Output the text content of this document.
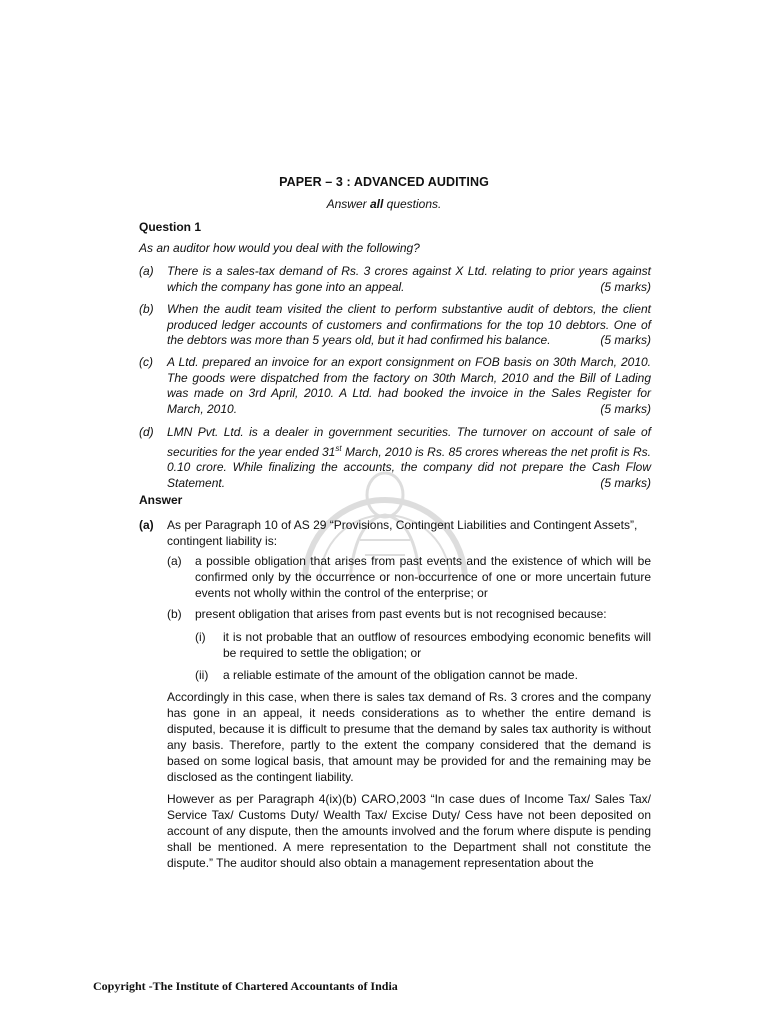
PAPER – 3 : ADVANCED AUDITING
Answer all questions.
Question 1
As an auditor how would you deal with the following?
(a) There is a sales-tax demand of Rs. 3 crores against X Ltd. relating to prior years against which the company has gone into an appeal.	(5 marks)
(b) When the audit team visited the client to perform substantive audit of debtors, the client produced ledger accounts of customers and confirmations for the top 10 debtors. One of the debtors was more than 5 years old, but it had confirmed his balance.	(5 marks)
(c) A Ltd. prepared an invoice for an export consignment on FOB basis on 30th March, 2010. The goods were dispatched from the factory on 30th March, 2010 and the Bill of Lading was made on 3rd April, 2010. A Ltd. had booked the invoice in the Sales Register for March, 2010.	(5 marks)
(d) LMN Pvt. Ltd. is a dealer in government securities. The turnover on account of sale of securities for the year ended 31st March, 2010 is Rs. 85 crores whereas the net profit is Rs. 0.10 crore. While finalizing the accounts, the company did not prepare the Cash Flow Statement.	(5 marks)
Answer
(a) As per Paragraph 10 of AS 29 “Provisions, Contingent Liabilities and Contingent Assets”, contingent liability is:
(a) a possible obligation that arises from past events and the existence of which will be confirmed only by the occurrence or non-occurrence of one or more uncertain future events not wholly within the control of the enterprise; or
(b) present obligation that arises from past events but is not recognised because:
(i) it is not probable that an outflow of resources embodying economic benefits will be required to settle the obligation; or
(ii) a reliable estimate of the amount of the obligation cannot be made.
Accordingly in this case, when there is sales tax demand of Rs. 3 crores and the company has gone in an appeal, it needs considerations as to whether the entire demand is disputed, because it is difficult to presume that the demand by sales tax authority is without any basis. Therefore, partly to the extent the company considered that the demand is based on some logical basis, that amount may be provided for and the remaining may be disclosed as the contingent liability.
However as per Paragraph 4(ix)(b) CARO,2003 “In case dues of Income Tax/ Sales Tax/ Service Tax/ Customs Duty/ Wealth Tax/ Excise Duty/ Cess have not been deposited on account of any dispute, then the amounts involved and the forum where dispute is pending shall be mentioned. A mere representation to the Department shall not constitute the dispute.” The auditor should also obtain a management representation about the
Copyright -The Institute of Chartered Accountants of India
